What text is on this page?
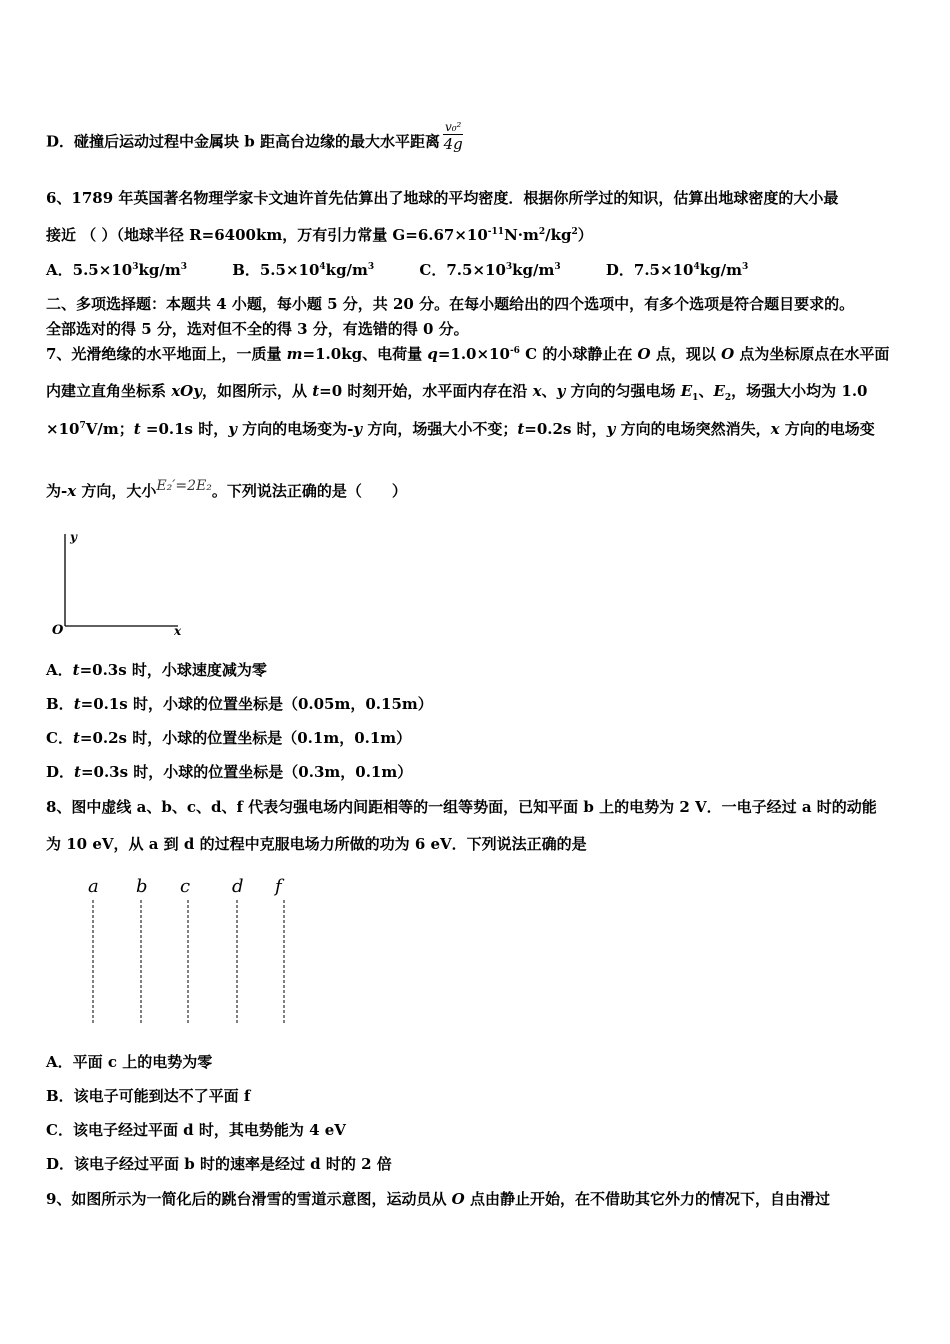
D．碰撞后运动过程中金属块 b 距高台边缘的最大水平距离 $\frac{\text{v₀²}}{4g}$
6、1789 年英国著名物理学家卡文迪许首先估算出了地球的平均密度．根据你所学过的知识，估算出地球密度的大小最
接近 （ ）（地球半径 R=6400km，万有引力常量 $G=6.67\times 10^{-11}N\cdot m^2/kg^2$）
A．$5.5\times 10^3kg/m^3$	B．$5.5\times 10^4kg/m^3$	C．$7.5\times 10^3kg/m^3$	D．$7.5\times 10^4kg/m^3$
二、多项选择题：本题共 4 小题，每小题 5 分，共 20 分。在每小题给出的四个选项中，有多个选项是符合题目要求的。
全部选对的得 5 分，选对但不全的得 3 分，有选错的得 0 分。
7、光滑绝缘的水平地面上，一质量 m=1.0kg、电荷量 $q=1.0\times 10^{-6}$ C 的小球静止在 O 点，现以 O 点为坐标原点在水平面
内建立直角坐标系 xOy，如图所示，从 t=0 时刻开始，水平面内存在沿 x、y 方向的匀强电场 $E_1$、$E_2$，场强大小均为 1.0
$\times 10^7V/m$；t =0.1s 时，y 方向的电场变为-y 方向，场强大小不变；t=0.2s 时，y 方向的电场突然消失，x 方向的电场变
为-x 方向，大小E₂′=2E₂。下列说法正确的是（　　）
y
x
O
A．t=0.3s 时，小球速度减为零
B．t=0.1s 时，小球的位置坐标是（0.05m，0.15m）
C．t=0.2s 时，小球的位置坐标是（0.1m，0.1m）
D．t=0.3s 时，小球的位置坐标是（0.3m，0.1m）
8、图中虚线 a、b、c、d、f 代表匀强电场内间距相等的一组等势面，已知平面 b 上的电势为 2 V．一电子经过 a 时的动能
为 10 eV，从 a 到 d 的过程中克服电场力所做的功为 6 eV．下列说法正确的是
a b c d f
A．平面 c 上的电势为零
B．该电子可能到达不了平面 f
C．该电子经过平面 d 时，其电势能为 4 eV
D．该电子经过平面 b 时的速率是经过 d 时的 2 倍
9、如图所示为一简化后的跳台滑雪的雪道示意图，运动员从 O 点由静止开始，在不借助其它外力的情况下，自由滑过
